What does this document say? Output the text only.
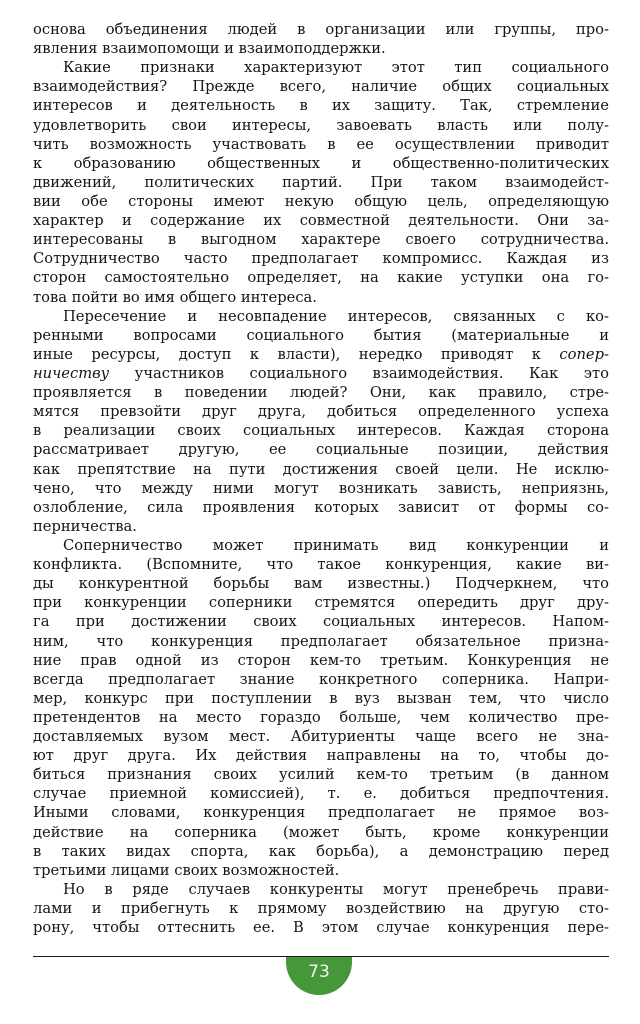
основа объединения людей в организации или группы, про-
явления взаимопомощи и взаимоподдержки.
Какие признаки характеризуют этот тип социального
взаимодействия? Прежде всего, наличие общих социальных
интересов и деятельность в их защиту. Так, стремление
удовлетворить свои интересы, завоевать власть или полу-
чить возможность участвовать в ее осуществлении приводит
к образованию общественных и общественно-политических
движений, политических партий. При таком взаимодейст-
вии обе стороны имеют некую общую цель, определяющую
характер и содержание их совместной деятельности. Они за-
интересованы в выгодном характере своего сотрудничества.
Сотрудничество часто предполагает компромисс. Каждая из
сторон самостоятельно определяет, на какие уступки она го-
това пойти во имя общего интереса.
Пересечение и несовпадение интересов, связанных с ко-
ренными вопросами социального бытия (материальные и
иные ресурсы, доступ к власти), нередко приводят к сопер-
ничеству участников социального взаимодействия. Как это
проявляется в поведении людей? Они, как правило, стре-
мятся превзойти друг друга, добиться определенного успеха
в реализации своих социальных интересов. Каждая сторона
рассматривает другую, ее социальные позиции, действия
как препятствие на пути достижения своей цели. Не исклю-
чено, что между ними могут возникать зависть, неприязнь,
озлобление, сила проявления которых зависит от формы со-
перничества.
Соперничество может принимать вид конкуренции и
конфликта. (Вспомните, что такое конкуренция, какие ви-
ды конкурентной борьбы вам известны.) Подчеркнем, что
при конкуренции соперники стремятся опередить друг дру-
га при достижении своих социальных интересов. Напом-
ним, что конкуренция предполагает обязательное призна-
ние прав одной из сторон кем-то третьим. Конкуренция не
всегда предполагает знание конкретного соперника. Напри-
мер, конкурс при поступлении в вуз вызван тем, что число
претендентов на место гораздо больше, чем количество пре-
доставляемых вузом мест. Абитуриенты чаще всего не зна-
ют друг друга. Их действия направлены на то, чтобы до-
биться признания своих усилий кем-то третьим (в данном
случае приемной комиссией), т. е. добиться предпочтения.
Иными словами, конкуренция предполагает не прямое воз-
действие на соперника (может быть, кроме конкуренции
в таких видах спорта, как борьба), а демонстрацию перед
третьими лицами своих возможностей.
Но в ряде случаев конкуренты могут пренебречь прави-
лами и прибегнуть к прямому воздействию на другую сто-
рону, чтобы оттеснить ее. В этом случае конкуренция пере-
73
